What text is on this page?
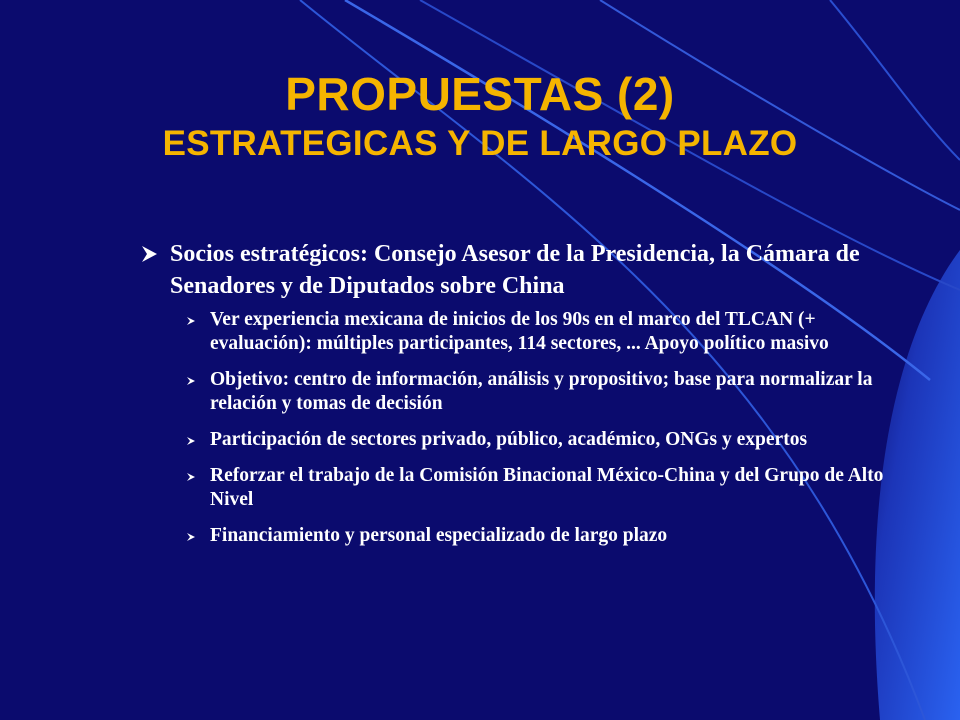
PROPUESTAS (2)
ESTRATEGICAS Y DE LARGO PLAZO
Socios estratégicos: Consejo Asesor de la Presidencia, la Cámara de Senadores y de Diputados sobre China
Ver experiencia mexicana de inicios de los 90s en el marco del TLCAN (+ evaluación): múltiples participantes, 114 sectores, ... Apoyo político masivo
Objetivo: centro de información, análisis y propositivo; base para normalizar la relación y tomas de decisión
Participación de sectores privado, público, académico, ONGs y expertos
Reforzar el trabajo de la Comisión Binacional México-China y del Grupo de Alto Nivel
Financiamiento y personal especializado de largo plazo
